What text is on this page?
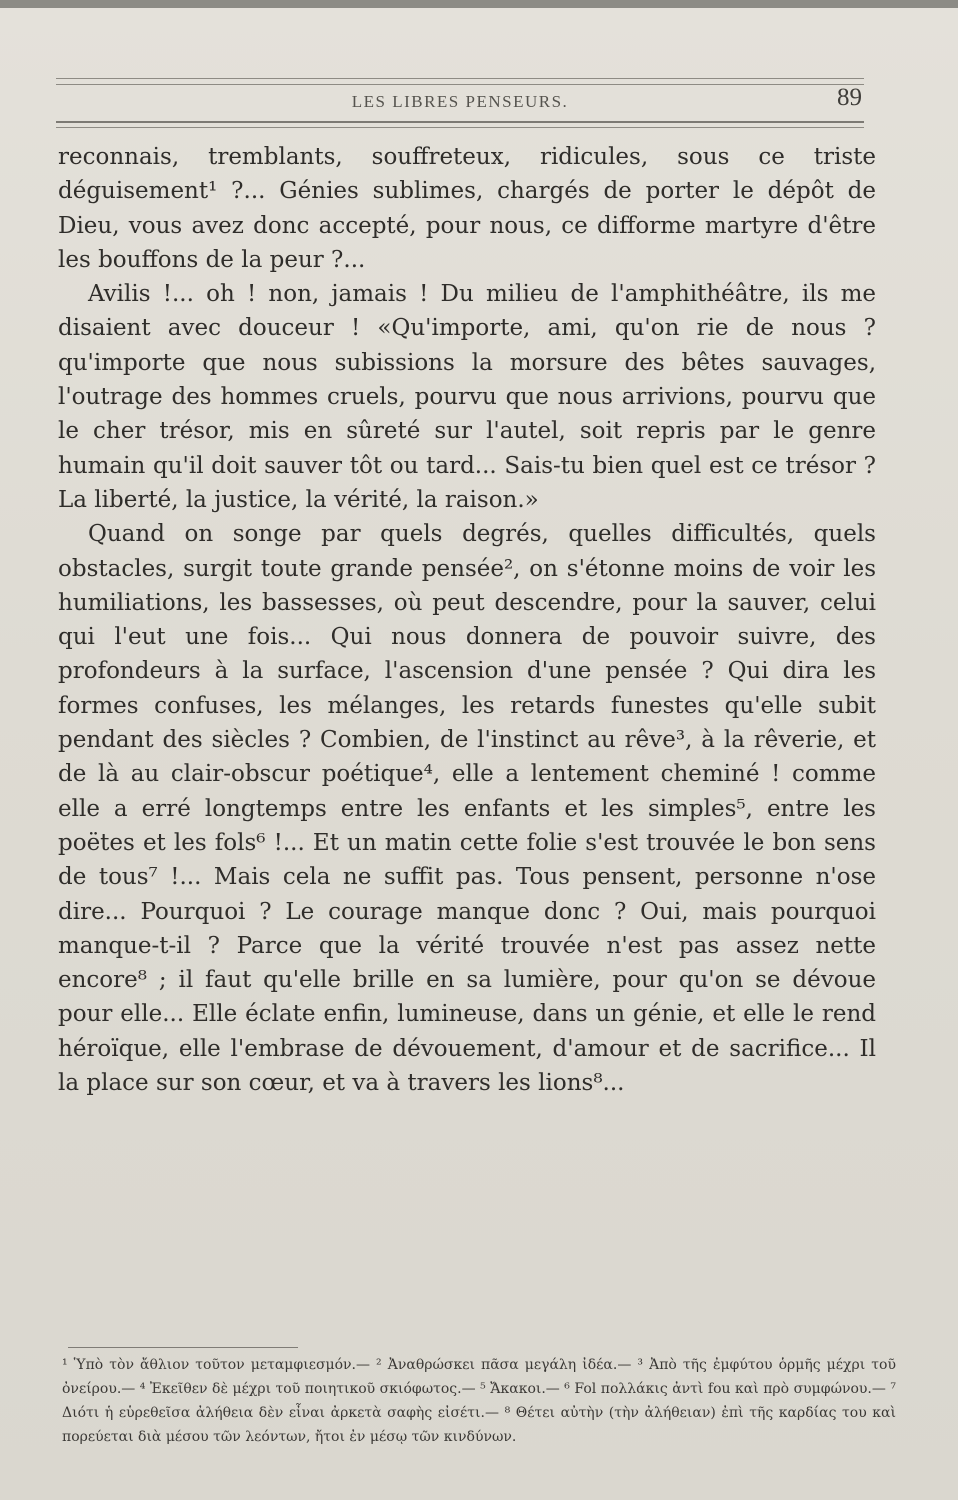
LES LIBRES PENSEURS.	89

reconnais, tremblants, souffreteux, ridicules, sous ce triste déguisement¹ ?... Génies sublimes, chargés de porter le dépôt de Dieu, vous avez donc accepté, pour nous, ce difforme martyre d'être les bouffons de la peur ?...

Avilis !... oh ! non, jamais ! Du milieu de l'amphithéâtre, ils me disaient avec douceur ! «Qu'importe, ami, qu'on rie de nous ? qu'importe que nous subissions la morsure des bêtes sauvages, l'outrage des hommes cruels, pourvu que nous arrivions, pourvu que le cher trésor, mis en sûreté sur l'autel, soit repris par le genre humain qu'il doit sauver tôt ou tard... Sais-tu bien quel est ce trésor ? La liberté, la justice, la vérité, la raison.»

Quand on songe par quels degrés, quelles difficultés, quels obstacles, surgit toute grande pensée², on s'étonne moins de voir les humiliations, les bassesses, où peut descendre, pour la sauver, celui qui l'eut une fois... Qui nous donnera de pouvoir suivre, des profondeurs à la surface, l'ascension d'une pensée ? Qui dira les formes confuses, les mélanges, les retards funestes qu'elle subit pendant des siècles ? Combien, de l'instinct au rêve³, à la rêverie, et de là au clair-obscur poétique⁴, elle a lentement cheminé ! comme elle a erré longtemps entre les enfants et les simples⁵, entre les poëtes et les fols⁶ !... Et un matin cette folie s'est trouvée le bon sens de tous⁷ !... Mais cela ne suffit pas. Tous pensent, personne n'ose dire... Pourquoi ? Le courage manque donc ? Oui, mais pourquoi manque-t-il ? Parce que la vérité trouvée n'est pas assez nette encore⁸ ; il faut qu'elle brille en sa lumière, pour qu'on se dévoue pour elle... Elle éclate enfin, lumineuse, dans un génie, et elle le rend héroïque, elle l'embrase de dévouement, d'amour et de sacrifice... Il la place sur son cœur, et va à travers les lions⁸...

¹ Ὑπὸ τὸν ἄθλιον τοῦτον μεταμφιεσμόν.— ² Ἀναθρώσκει πᾶσα μεγάλη ἰδέα.— ³ Ἀπὸ τῆς ἐμφύτου ὁρμῆς μέχρι τοῦ ὀνείρου.— ⁴ Ἐκεῖθεν δὲ μέχρι τοῦ ποιητικοῦ σκιόφωτος.— ⁵ Ἄκακοι.— ⁶ Fol πολλάκις ἀντὶ fou καὶ πρὸ συμφώνου.— ⁷ Διότι ἡ εὑρεθεῖσα ἀλήθεια δὲν εἶναι ἀρκετὰ σαφὴς εἰσέτι.— ⁸ Θέτει αὐτὴν (τὴν ἀλήθειαν) ἐπὶ τῆς καρδίας του καὶ πορεύεται διὰ μέσου τῶν λεόντων, ἤτοι ἐν μέσῳ τῶν κινδύνων.
